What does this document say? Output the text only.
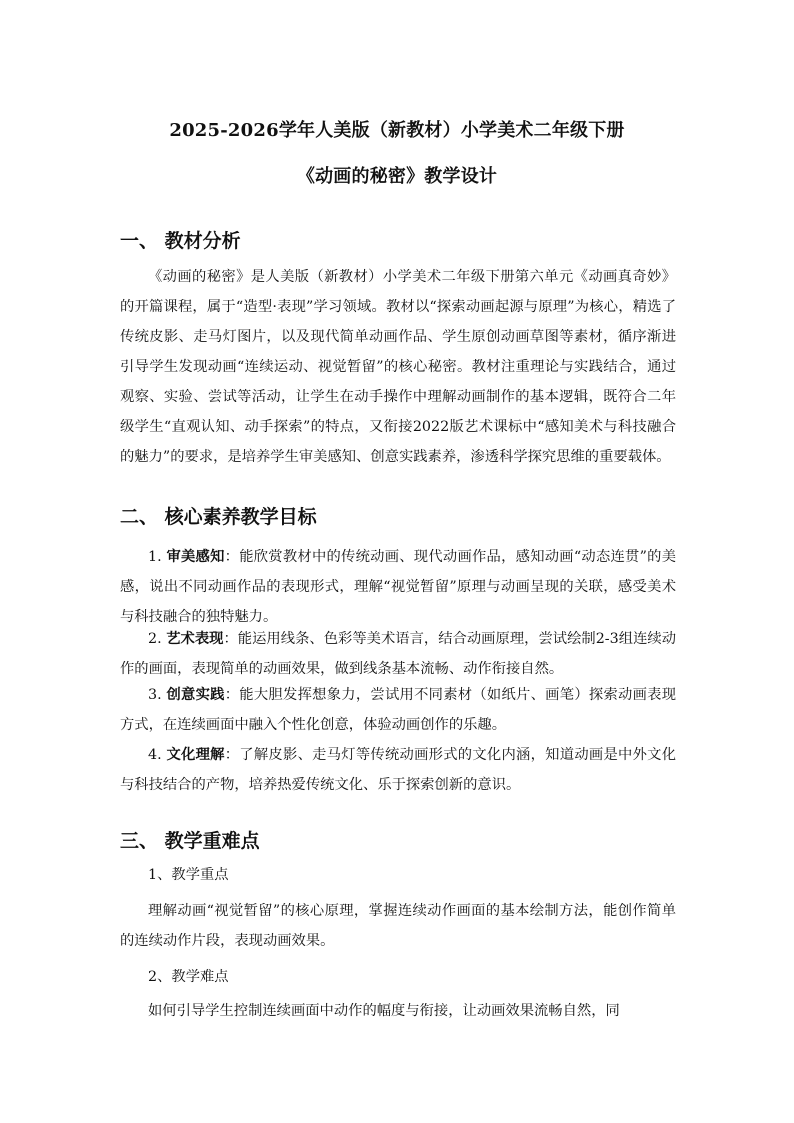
2025-2026学年人美版（新教材）小学美术二年级下册
《动画的秘密》教学设计
一、 教材分析
《动画的秘密》是人美版（新教材）小学美术二年级下册第六单元《动画真奇妙》的开篇课程，属于“造型·表现”学习领域。教材以“探索动画起源与原理”为核心，精选了传统皮影、走马灯图片，以及现代简单动画作品、学生原创动画草图等素材，循序渐进引导学生发现动画“连续运动、视觉暂留”的核心秘密。教材注重理论与实践结合，通过观察、实验、尝试等活动，让学生在动手操作中理解动画制作的基本逻辑，既符合二年级学生“直观认知、动手探索”的特点，又衔接2022版艺术课标中“感知美术与科技融合的魅力”的要求，是培养学生审美感知、创意实践素养，渗透科学探究思维的重要载体。
二、 核心素养教学目标
1. 审美感知：能欣赏教材中的传统动画、现代动画作品，感知动画“动态连贯”的美感，说出不同动画作品的表现形式，理解“视觉暂留”原理与动画呈现的关联，感受美术与科技融合的独特魅力。
2. 艺术表现：能运用线条、色彩等美术语言，结合动画原理，尝试绘制2-3组连续动作的画面，表现简单的动画效果，做到线条基本流畅、动作衔接自然。
3. 创意实践：能大胆发挥想象力，尝试用不同素材（如纸片、画笔）探索动画表现方式，在连续画面中融入个性化创意，体验动画创作的乐趣。
4. 文化理解：了解皮影、走马灯等传统动画形式的文化内涵，知道动画是中外文化与科技结合的产物，培养热爱传统文化、乐于探索创新的意识。
三、 教学重难点
1、教学重点
理解动画“视觉暂留”的核心原理，掌握连续动作画面的基本绘制方法，能创作简单的连续动作片段，表现动画效果。
2、教学难点
如何引导学生控制连续画面中动作的幅度与衔接，让动画效果流畅自然，同
